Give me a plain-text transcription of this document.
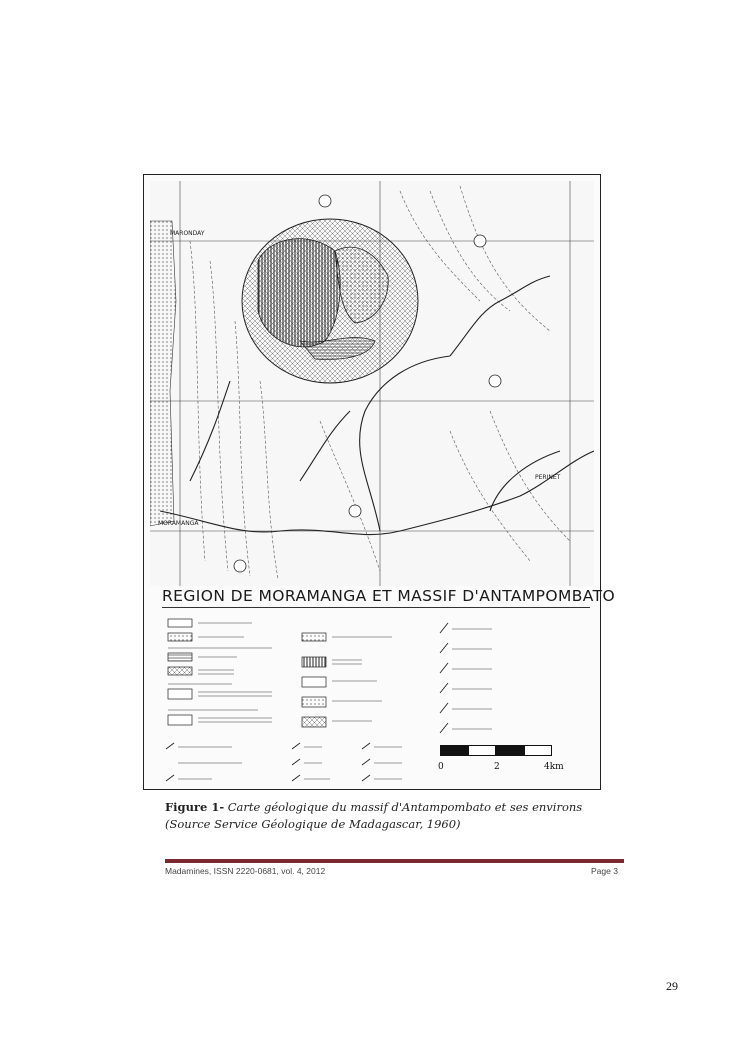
MARONDAY
MORAMANGA
PERINET
REGION DE MORAMANGA ET MASSIF D'ANTAMPOMBATO
0	2	4km
Figure 1- Carte géologique du massif d'Antampombato et ses environs (Source Service Géologique de Madagascar, 1960)
Madamines, ISSN 2220-0681, vol. 4, 2012	Page 3
29
